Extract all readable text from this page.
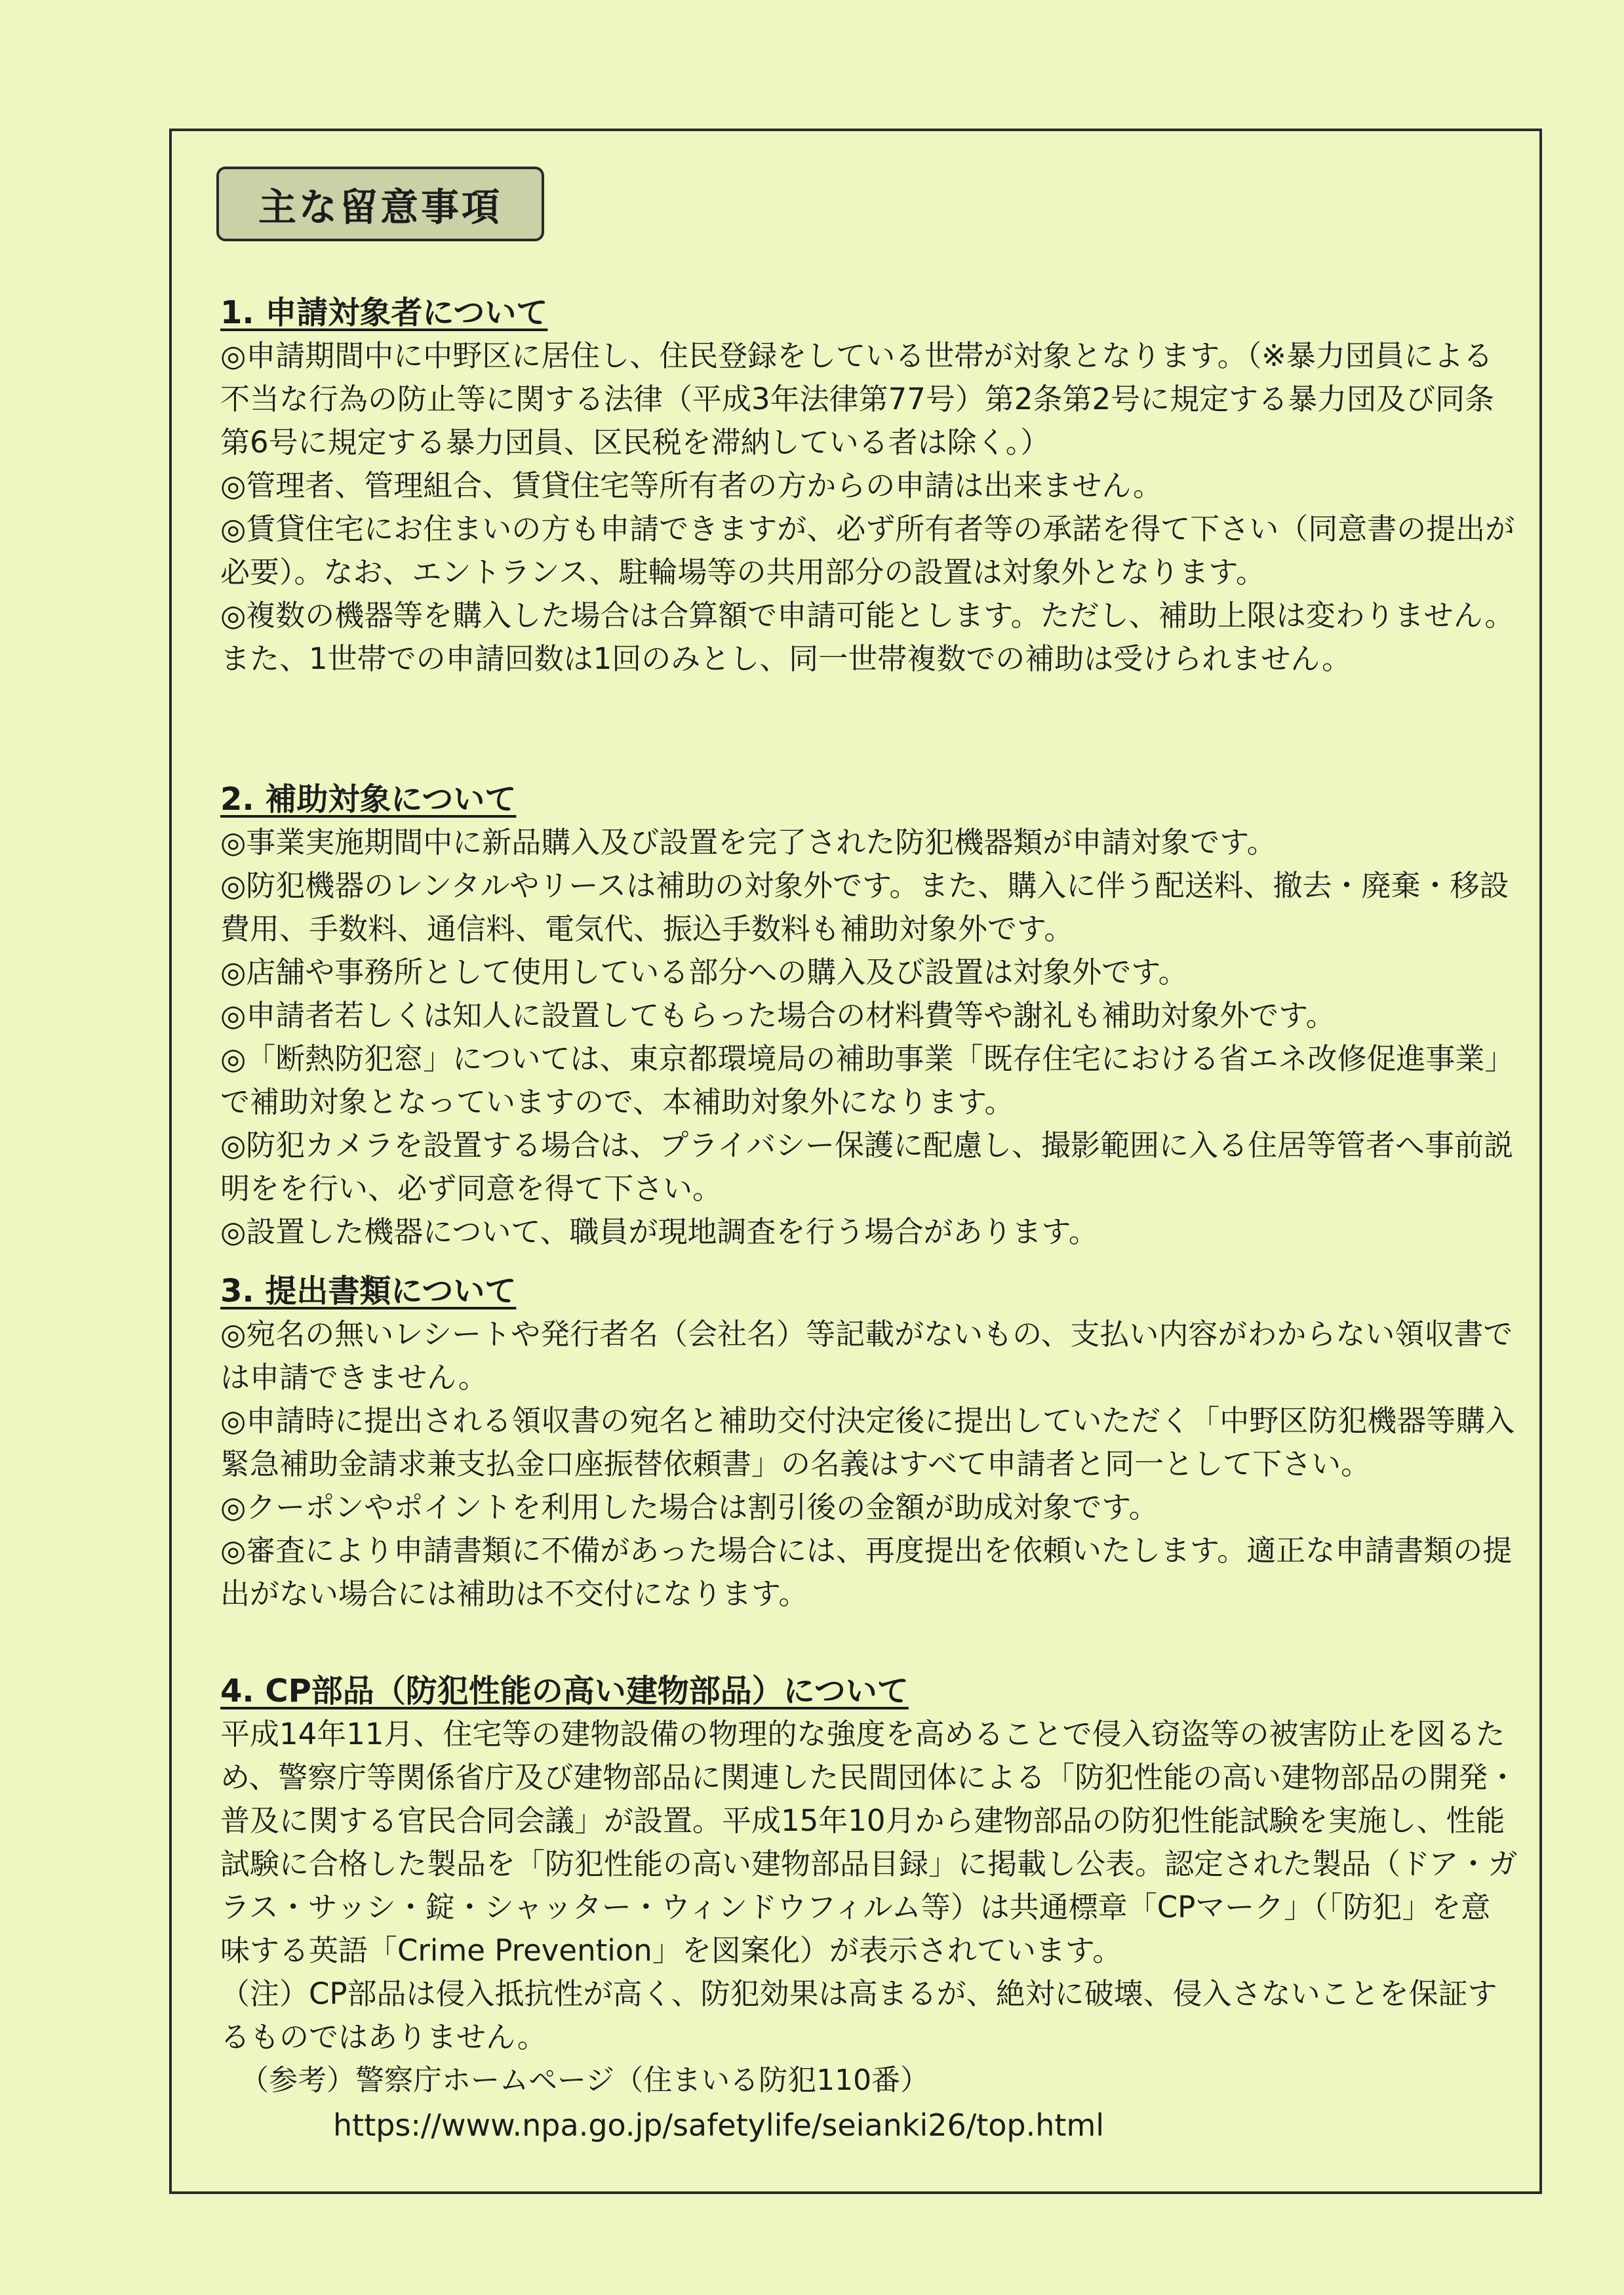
主な留意事項
1. 申請対象者について

◎申請期間中に中野区に居住し、住民登録をしている世帯が対象となります。（※暴力団員による不当な行為の防止等に関する法律（平成3年法律第77号）第2条第2号に規定する暴力団及び同条第6号に規定する暴力団員、区民税を滞納している者は除く。）

◎管理者、管理組合、賃貸住宅等所有者の方からの申請は出来ません。

◎賃貸住宅にお住まいの方も申請できますが、必ず所有者等の承諾を得て下さい（同意書の提出が必要）。なお、エントランス、駐輪場等の共用部分の設置は対象外となります。

◎複数の機器等を購入した場合は合算額で申請可能とします。ただし、補助上限は変わりません。また、1世帯での申請回数は1回のみとし、同一世帯複数での補助は受けられません。

2. 補助対象について

◎事業実施期間中に新品購入及び設置を完了された防犯機器類が申請対象です。

◎防犯機器のレンタルやリースは補助の対象外です。また、購入に伴う配送料、撤去・廃棄・移設費用、手数料、通信料、電気代、振込手数料も補助対象外です。

◎店舗や事務所として使用している部分への購入及び設置は対象外です。

◎申請者若しくは知人に設置してもらった場合の材料費等や謝礼も補助対象外です。

◎「断熱防犯窓」については、東京都環境局の補助事業「既存住宅における省エネ改修促進事業」で補助対象となっていますので、本補助対象外になります。

◎防犯カメラを設置する場合は、プライバシー保護に配慮し、撮影範囲に入る住居等管者へ事前説明をを行い、必ず同意を得て下さい。

◎設置した機器について、職員が現地調査を行う場合があります。

3. 提出書類について

◎宛名の無いレシートや発行者名（会社名）等記載がないもの、支払い内容がわからない領収書では申請できません。

◎申請時に提出される領収書の宛名と補助交付決定後に提出していただく「中野区防犯機器等購入緊急補助金請求兼支払金口座振替依頼書」の名義はすべて申請者と同一として下さい。

◎クーポンやポイントを利用した場合は割引後の金額が助成対象です。

◎審査により申請書類に不備があった場合には、再度提出を依頼いたします。適正な申請書類の提出がない場合には補助は不交付になります。

4. CP部品（防犯性能の高い建物部品）について

平成14年11月、住宅等の建物設備の物理的な強度を高めることで侵入窃盗等の被害防止を図るため、警察庁等関係省庁及び建物部品に関連した民間団体による「防犯性能の高い建物部品の開発・普及に関する官民合同会議」が設置。平成15年10月から建物部品の防犯性能試験を実施し、性能試験に合格した製品を「防犯性能の高い建物部品目録」に掲載し公表。認定された製品（ドア・ガラス・サッシ・錠・シャッター・ウィンドウフィルム等）は共通標章「CPマーク」（「防犯」を意味する英語「Crime Prevention」を図案化）が表示されています。

（注）CP部品は侵入抵抗性が高く、防犯効果は高まるが、絶対に破壊、侵入さないことを保証するものではありません。

（参考）警察庁ホームページ（住まいる防犯110番）

https://www.npa.go.jp/safetylife/seianki26/top.html
